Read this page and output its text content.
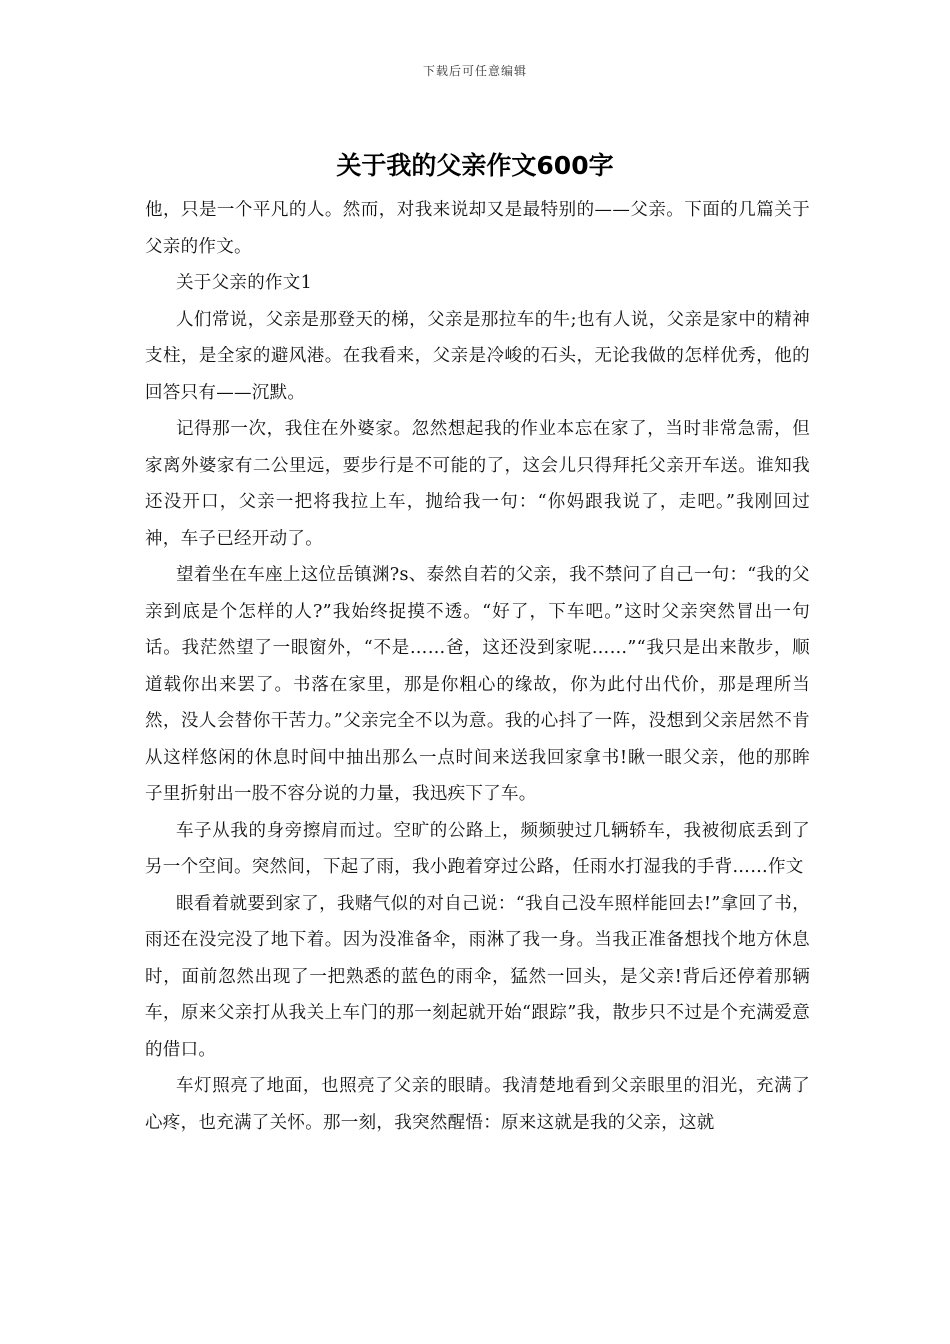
下载后可任意编辑
关于我的父亲作文600字

他，只是一个平凡的人。然而，对我来说却又是最特别的——父亲。下面的几篇关于父亲的作文。

关于父亲的作文1

人们常说，父亲是那登天的梯，父亲是那拉车的牛;也有人说，父亲是家中的精神支柱，是全家的避风港。在我看来，父亲是冷峻的石头，无论我做的怎样优秀，他的回答只有——沉默。

记得那一次，我住在外婆家。忽然想起我的作业本忘在家了，当时非常急需，但家离外婆家有二公里远，要步行是不可能的了，这会儿只得拜托父亲开车送。谁知我还没开口，父亲一把将我拉上车，抛给我一句：“你妈跟我说了，走吧。”我刚回过神，车子已经开动了。

望着坐在车座上这位岳镇渊?s、泰然自若的父亲，我不禁问了自己一句：“我的父亲到底是个怎样的人?”我始终捉摸不透。“好了，下车吧。”这时父亲突然冒出一句话。我茫然望了一眼窗外，“不是……爸，这还没到家呢……”“我只是出来散步，顺道载你出来罢了。书落在家里，那是你粗心的缘故，你为此付出代价，那是理所当然，没人会替你干苦力。”父亲完全不以为意。我的心抖了一阵，没想到父亲居然不肯从这样悠闲的休息时间中抽出那么一点时间来送我回家拿书!瞅一眼父亲，他的那眸子里折射出一股不容分说的力量，我迅疾下了车。

车子从我的身旁擦肩而过。空旷的公路上，频频驶过几辆轿车，我被彻底丢到了另一个空间。突然间，下起了雨，我小跑着穿过公路，任雨水打湿我的手背……作文

眼看着就要到家了，我赌气似的对自己说：“我自己没车照样能回去!”拿回了书，雨还在没完没了地下着。因为没准备伞，雨淋了我一身。当我正准备想找个地方休息时，面前忽然出现了一把熟悉的蓝色的雨伞，猛然一回头，是父亲!背后还停着那辆车，原来父亲打从我关上车门的那一刻起就开始“跟踪”我，散步只不过是个充满爱意的借口。

车灯照亮了地面，也照亮了父亲的眼睛。我清楚地看到父亲眼里的泪光，充满了心疼，也充满了关怀。那一刻，我突然醒悟：原来这就是我的父亲，这就
